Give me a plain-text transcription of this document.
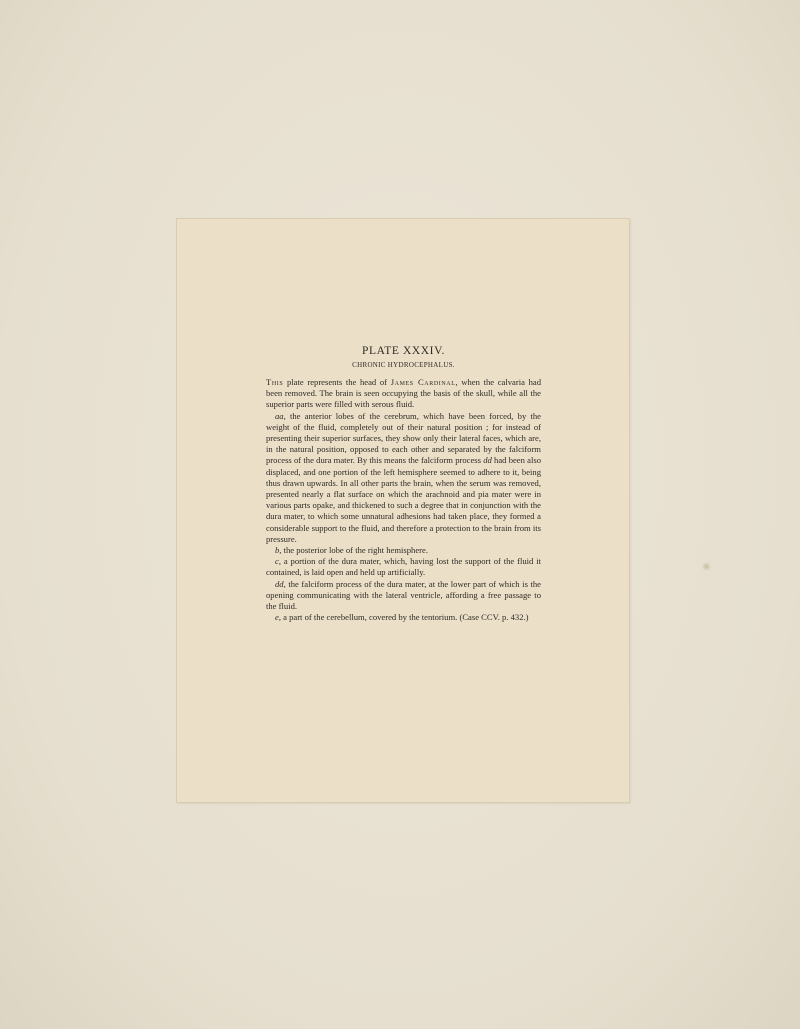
PLATE XXXIV.
CHRONIC HYDROCEPHALUS.

This plate represents the head of James Cardinal, when the calvaria had been removed. The brain is seen occupying the basis of the skull, while all the superior parts were filled with serous fluid.

aa, the anterior lobes of the cerebrum, which have been forced, by the weight of the fluid, completely out of their natural position ; for instead of presenting their superior surfaces, they show only their lateral faces, which are, in the natural position, opposed to each other and separated by the falciform process of the dura mater. By this means the falciform process dd had been also displaced, and one portion of the left hemisphere seemed to adhere to it, being thus drawn upwards. In all other parts the brain, when the serum was removed, presented nearly a flat surface on which the arachnoid and pia mater were in various parts opake, and thickened to such a degree that in conjunction with the dura mater, to which some unnatural adhesions had taken place, they formed a considerable support to the fluid, and therefore a protection to the brain from its pressure.

b, the posterior lobe of the right hemisphere.

c, a portion of the dura mater, which, having lost the support of the fluid it contained, is laid open and held up artificially.

dd, the falciform process of the dura mater, at the lower part of which is the opening communicating with the lateral ventricle, affording a free passage to the fluid.

e, a part of the cerebellum, covered by the tentorium. (Case CCV. p. 432.)
